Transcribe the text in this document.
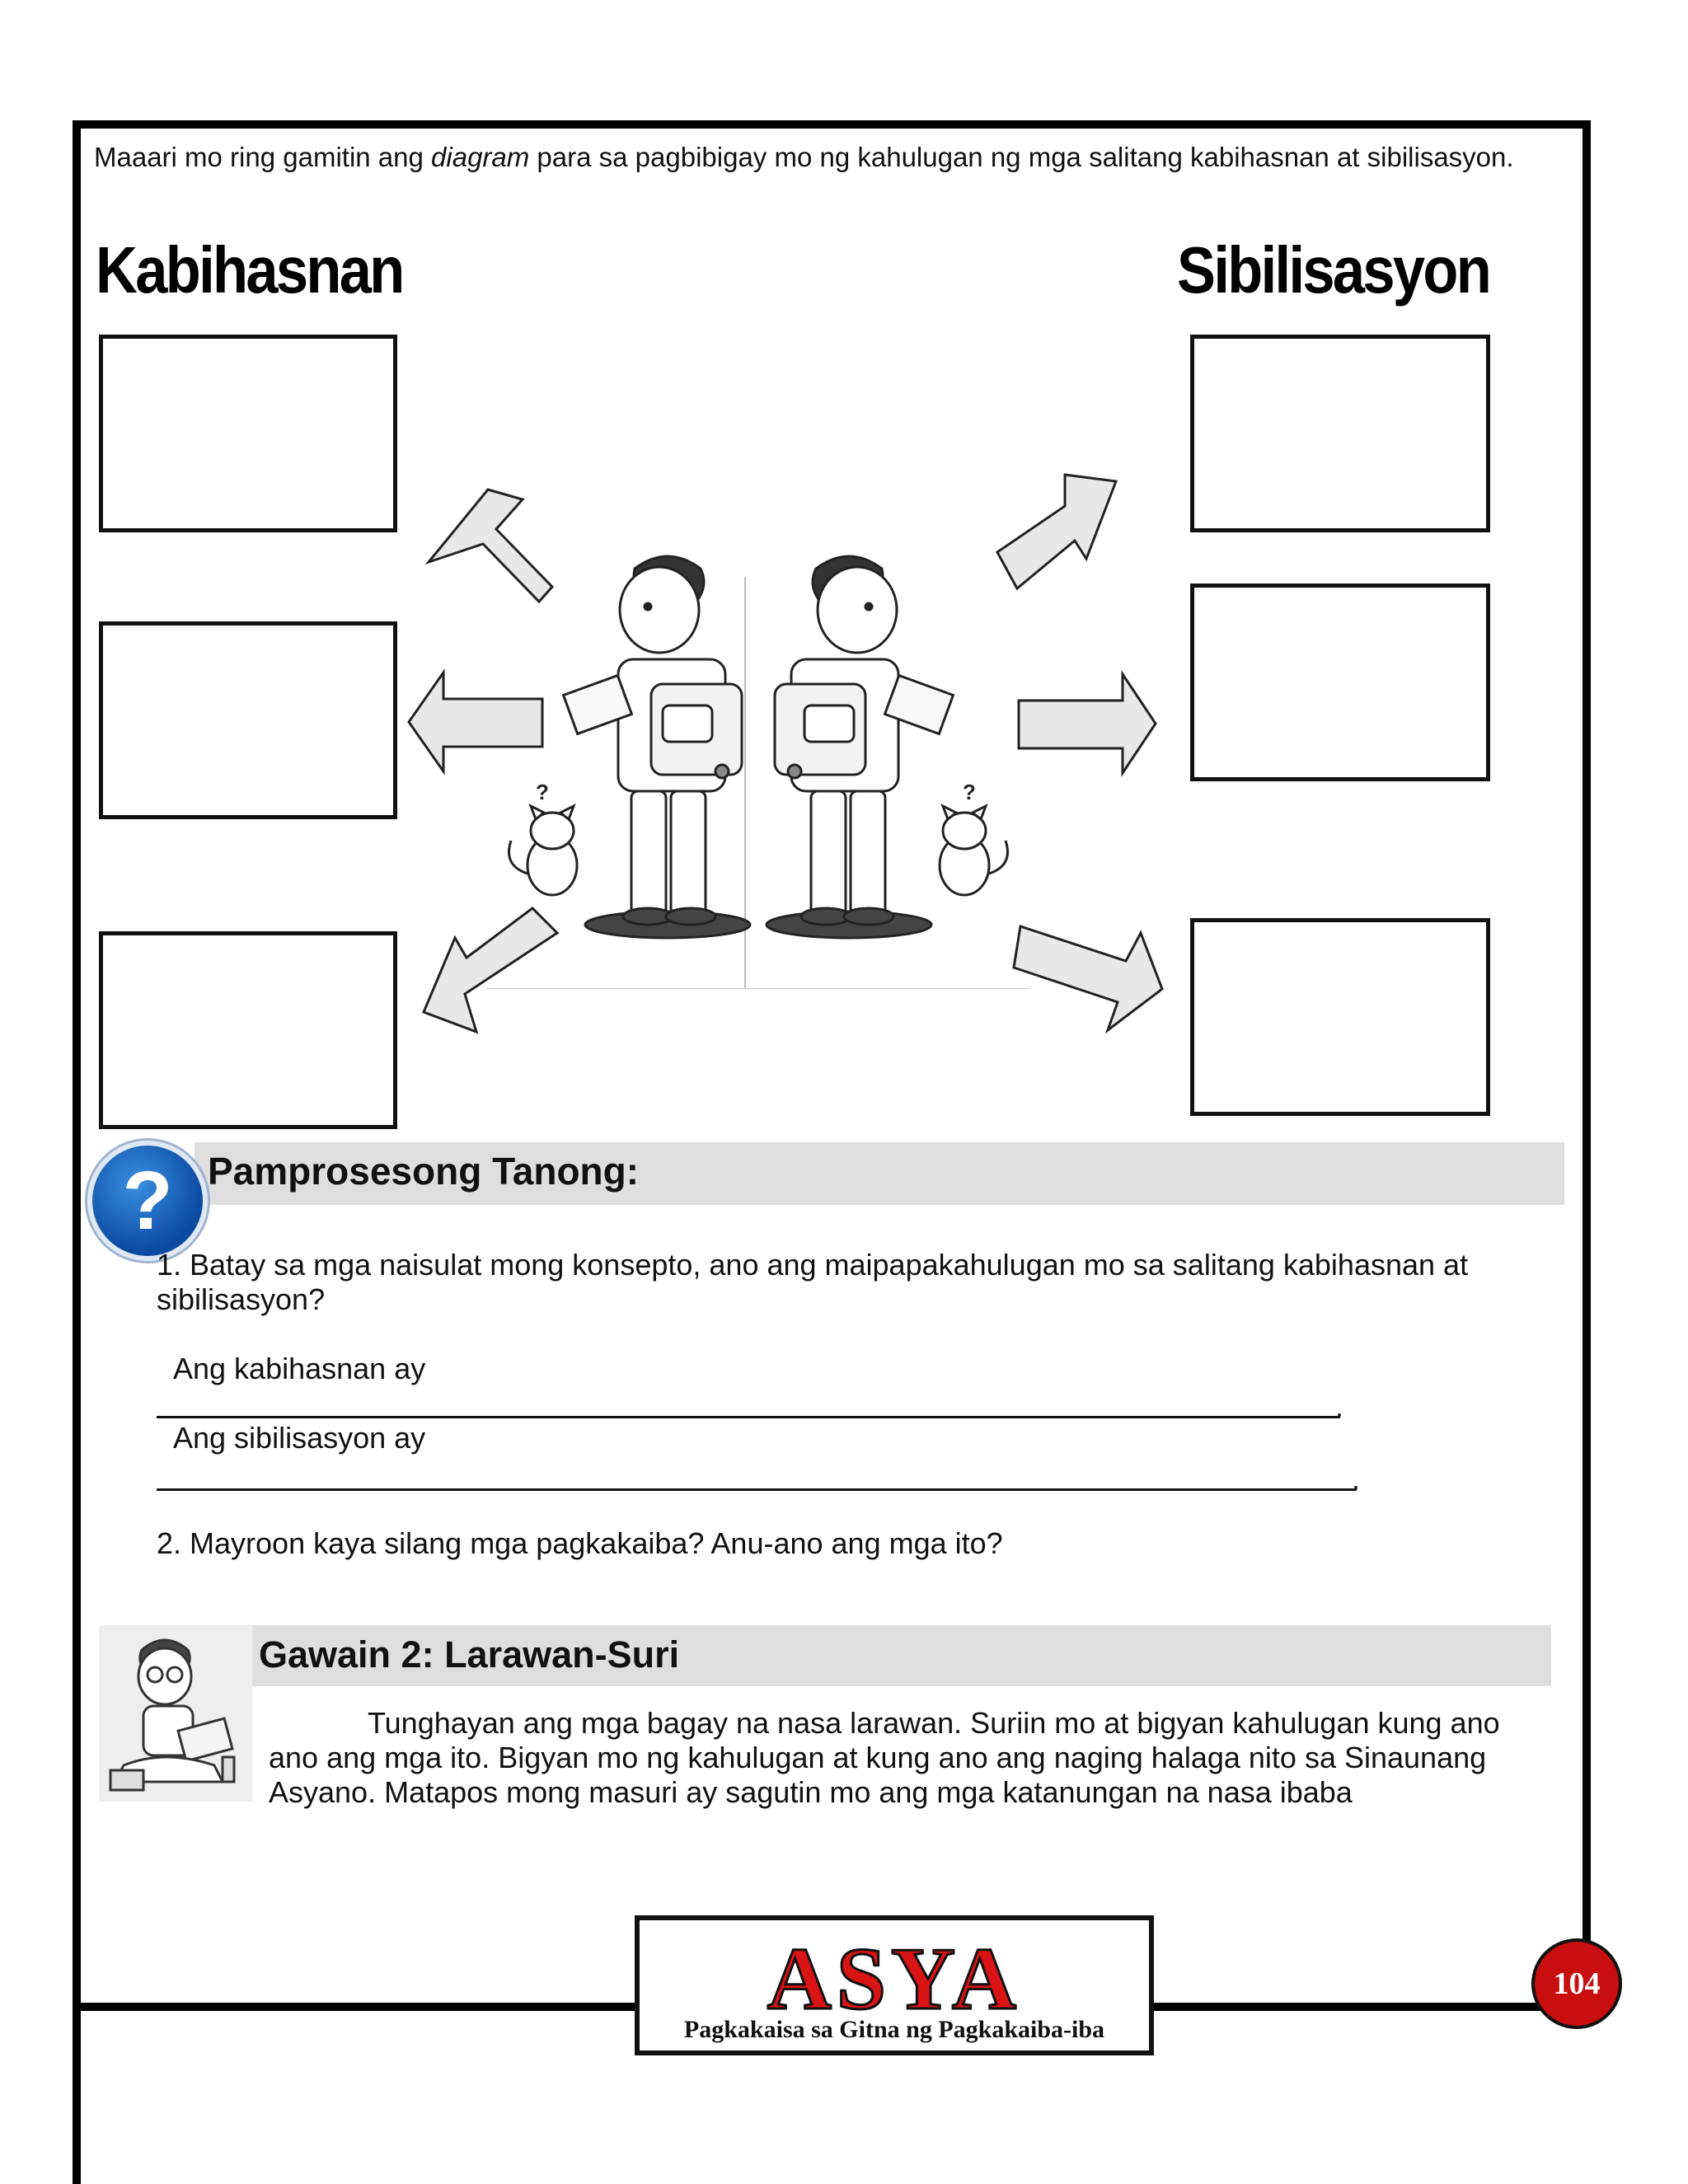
Maaari mo ring gamitin ang diagram para sa pagbibigay mo ng kahulugan ng mga salitang kabihasnan at sibilisasyon.
Kabihasnan	Sibilisasyon
?	?
? Pamprosesong Tanong:
1. Batay sa mga naisulat mong konsepto, ano ang maipapakahulugan mo sa salitang kabihasnan at sibilisasyon?
Ang kabihasnan ay
.
Ang sibilisasyon ay
.
2. Mayroon kaya silang mga pagkakaiba? Anu-ano ang mga ito?
Gawain 2: Larawan-Suri
Tunghayan ang mga bagay na nasa larawan. Suriin mo at bigyan kahulugan kung ano ano ang mga ito. Bigyan mo ng kahulugan at kung ano ang naging halaga nito sa Sinaunang Asyano. Matapos mong masuri ay sagutin mo ang mga katanungan na nasa ibaba
ASYA
Pagkakaisa sa Gitna ng Pagkakaiba-iba
104
